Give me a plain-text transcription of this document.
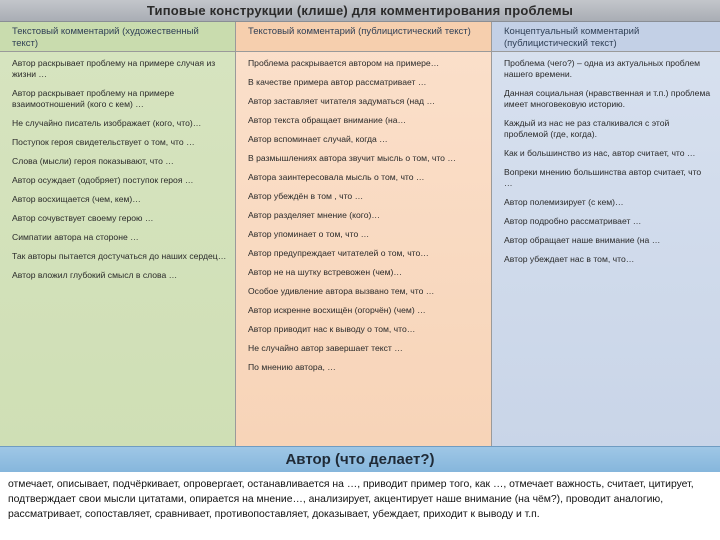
Типовые конструкции (клише) для комментирования проблемы
Текстовый комментарий (художественный текст)
Автор раскрывает проблему на примере случая из жизни …
Автор раскрывает проблему на примере взаимоотношений (кого с кем) …
Не случайно писатель изображает (кого, что)…
Поступок героя свидетельствует о том, что …
Слова (мысли) героя показывают, что …
Автор осуждает (одобряет) поступок героя …
Автор восхищается (чем, кем)…
Автор сочувствует своему герою …
Симпатии автора на стороне …
Так авторы пытается достучаться до наших сердец…
Автор вложил глубокий смысл в слова …
Текстовый комментарий (публицистический текст)
Проблема раскрывается автором на примере…
В качестве примера автор рассматривает …
Автор заставляет читателя задуматься (над …
Автор текста обращает внимание (на…
Автор вспоминает случай, когда …
В размышлениях автора звучит мысль о том, что …
Автора заинтересовала мысль о том, что …
Автор убеждён в том , что …
Автор разделяет мнение (кого)…
Автор упоминает о том, что …
Автор предупреждает читателей о том, что…
Автор не на шутку встревожен (чем)…
Особое удивление автора вызвано тем, что …
Автор искренне восхищён (огорчён) (чем) …
Автор приводит нас к выводу о том, что…
Не случайно автор завершает текст …
По мнению автора, …
Концептуальный комментарий (публицистический текст)
Проблема (чего?) – одна из актуальных проблем нашего времени.
Данная социальная (нравственная и т.п.) проблема имеет многовековую историю.
Каждый из нас не раз сталкивался с этой проблемой (где, когда).
Как и большинство из нас, автор считает, что …
Вопреки мнению большинства автор считает, что …
Автор полемизирует (с кем)…
Автор подробно рассматривает …
Автор обращает наше внимание (на …
Автор убеждает нас в том, что…
Автор (что делает?)
отмечает, описывает, подчёркивает, опровергает, останавливается на …, приводит пример того, как …, отмечает важность, считает, цитирует, подтверждает свои мысли цитатами, опирается на мнение…, анализирует, акцентирует наше внимание (на чём?), проводит аналогию, рассматривает, сопоставляет, сравнивает, противопоставляет, доказывает, убеждает, приходит к выводу и т.п.
